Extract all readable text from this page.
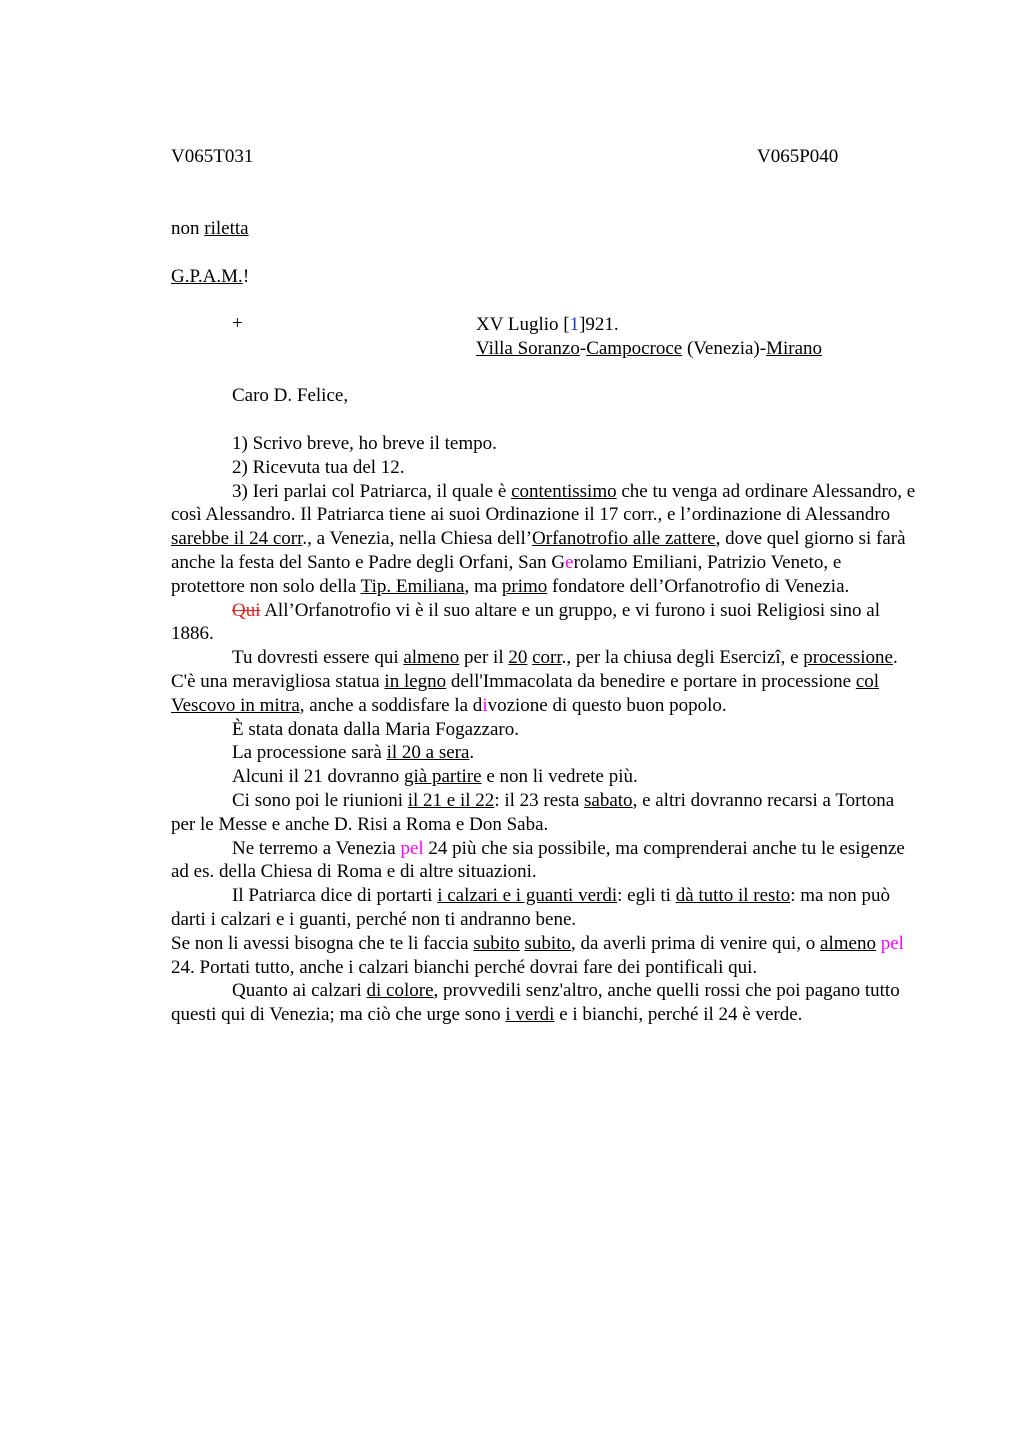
V065T031	V065P040
non riletta
G.P.A.M.!
+	XV Luglio [1]921.
Villa Soranzo-Campocroce (Venezia)-Mirano
Caro D. Felice,

1) Scrivo breve, ho breve il tempo.

2) Ricevuta tua del 12.

3) Ieri parlai col Patriarca, il quale è contentissimo che tu venga ad ordinare Alessandro, e così Alessandro. Il Patriarca tiene ai suoi Ordinazione il 17 corr., e l’ordinazione di Alessandro sarebbe il 24 corr., a Venezia, nella Chiesa dell’Orfanotrofio alle zattere, dove quel giorno si farà anche la festa del Santo e Padre degli Orfani, San Gerolamo Emiliani, Patrizio Veneto, e protettore non solo della Tip. Emiliana, ma primo fondatore dell’Orfanotrofio di Venezia.

Qui All’Orfanotrofio vi è il suo altare e un gruppo, e vi furono i suoi Religiosi sino al 1886.

Tu dovresti essere qui almeno per il 20 corr., per la chiusa degli Esercizî, e processione. C'è una meravigliosa statua in legno dell'Immacolata da benedire e portare in processione col Vescovo in mitra, anche a soddisfare la divozione di questo buon popolo.

È stata donata dalla Maria Fogazzaro.

La processione sarà il 20 a sera.

Alcuni il 21 dovranno già partire e non li vedrete più.

Ci sono poi le riunioni il 21 e il 22: il 23 resta sabato, e altri dovranno recarsi a Tortona per le Messe e anche D. Risi a Roma e Don Saba.

Ne terremo a Venezia pel 24 più che sia possibile, ma comprenderai anche tu le esigenze ad es. della Chiesa di Roma e di altre situazioni.

Il Patriarca dice di portarti i calzari e i guanti verdi: egli ti dà tutto il resto: ma non può darti i calzari e i guanti, perché non ti andranno bene.

Se non li avessi bisogna che te li faccia subito subito, da averli prima di venire qui, o almeno pel 24. Portati tutto, anche i calzari bianchi perché dovrai fare dei pontificali qui.

Quanto ai calzari di colore, provvedili senz'altro, anche quelli rossi che poi pagano tutto questi qui di Venezia; ma ciò che urge sono i verdi e i bianchi, perché il 24 è verde.
